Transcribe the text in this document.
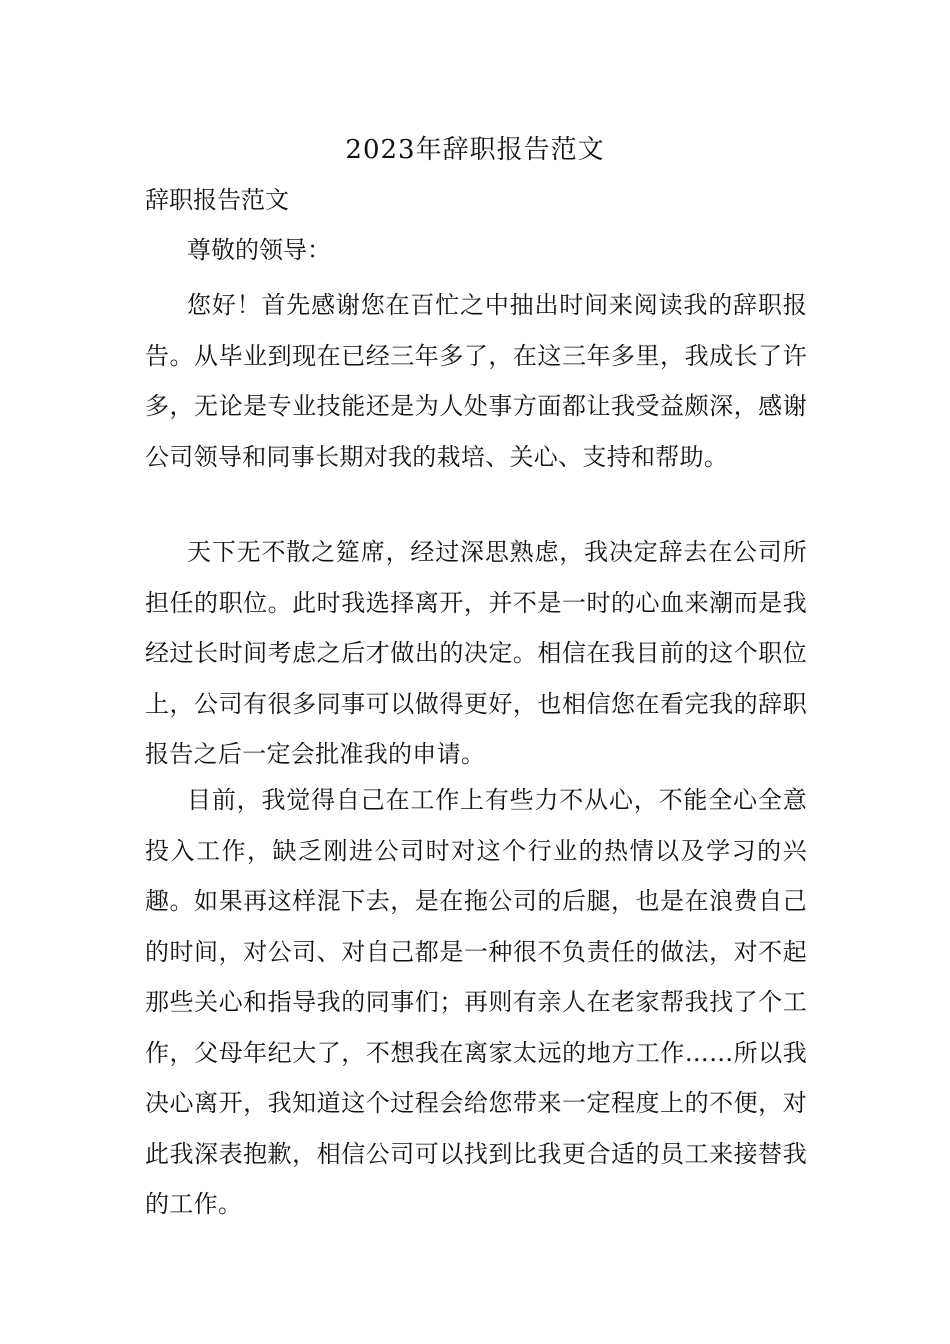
2023年辞职报告范文

辞职报告范文

尊敬的领导：

您好！首先感谢您在百忙之中抽出时间来阅读我的辞职报告。从毕业到现在已经三年多了，在这三年多里，我成长了许多，无论是专业技能还是为人处事方面都让我受益颇深，感谢公司领导和同事长期对我的栽培、关心、支持和帮助。

天下无不散之筵席，经过深思熟虑，我决定辞去在公司所担任的职位。此时我选择离开，并不是一时的心血来潮而是我经过长时间考虑之后才做出的决定。相信在我目前的这个职位上，公司有很多同事可以做得更好，也相信您在看完我的辞职报告之后一定会批准我的申请。

目前，我觉得自己在工作上有些力不从心，不能全心全意投入工作，缺乏刚进公司时对这个行业的热情以及学习的兴趣。如果再这样混下去，是在拖公司的后腿，也是在浪费自己的时间，对公司、对自己都是一种很不负责任的做法，对不起那些关心和指导我的同事们；再则有亲人在老家帮我找了个工作，父母年纪大了，不想我在离家太远的地方工作……所以我决心离开，我知道这个过程会给您带来一定程度上的不便，对此我深表抱歉，相信公司可以找到比我更合适的员工来接替我的工作。
